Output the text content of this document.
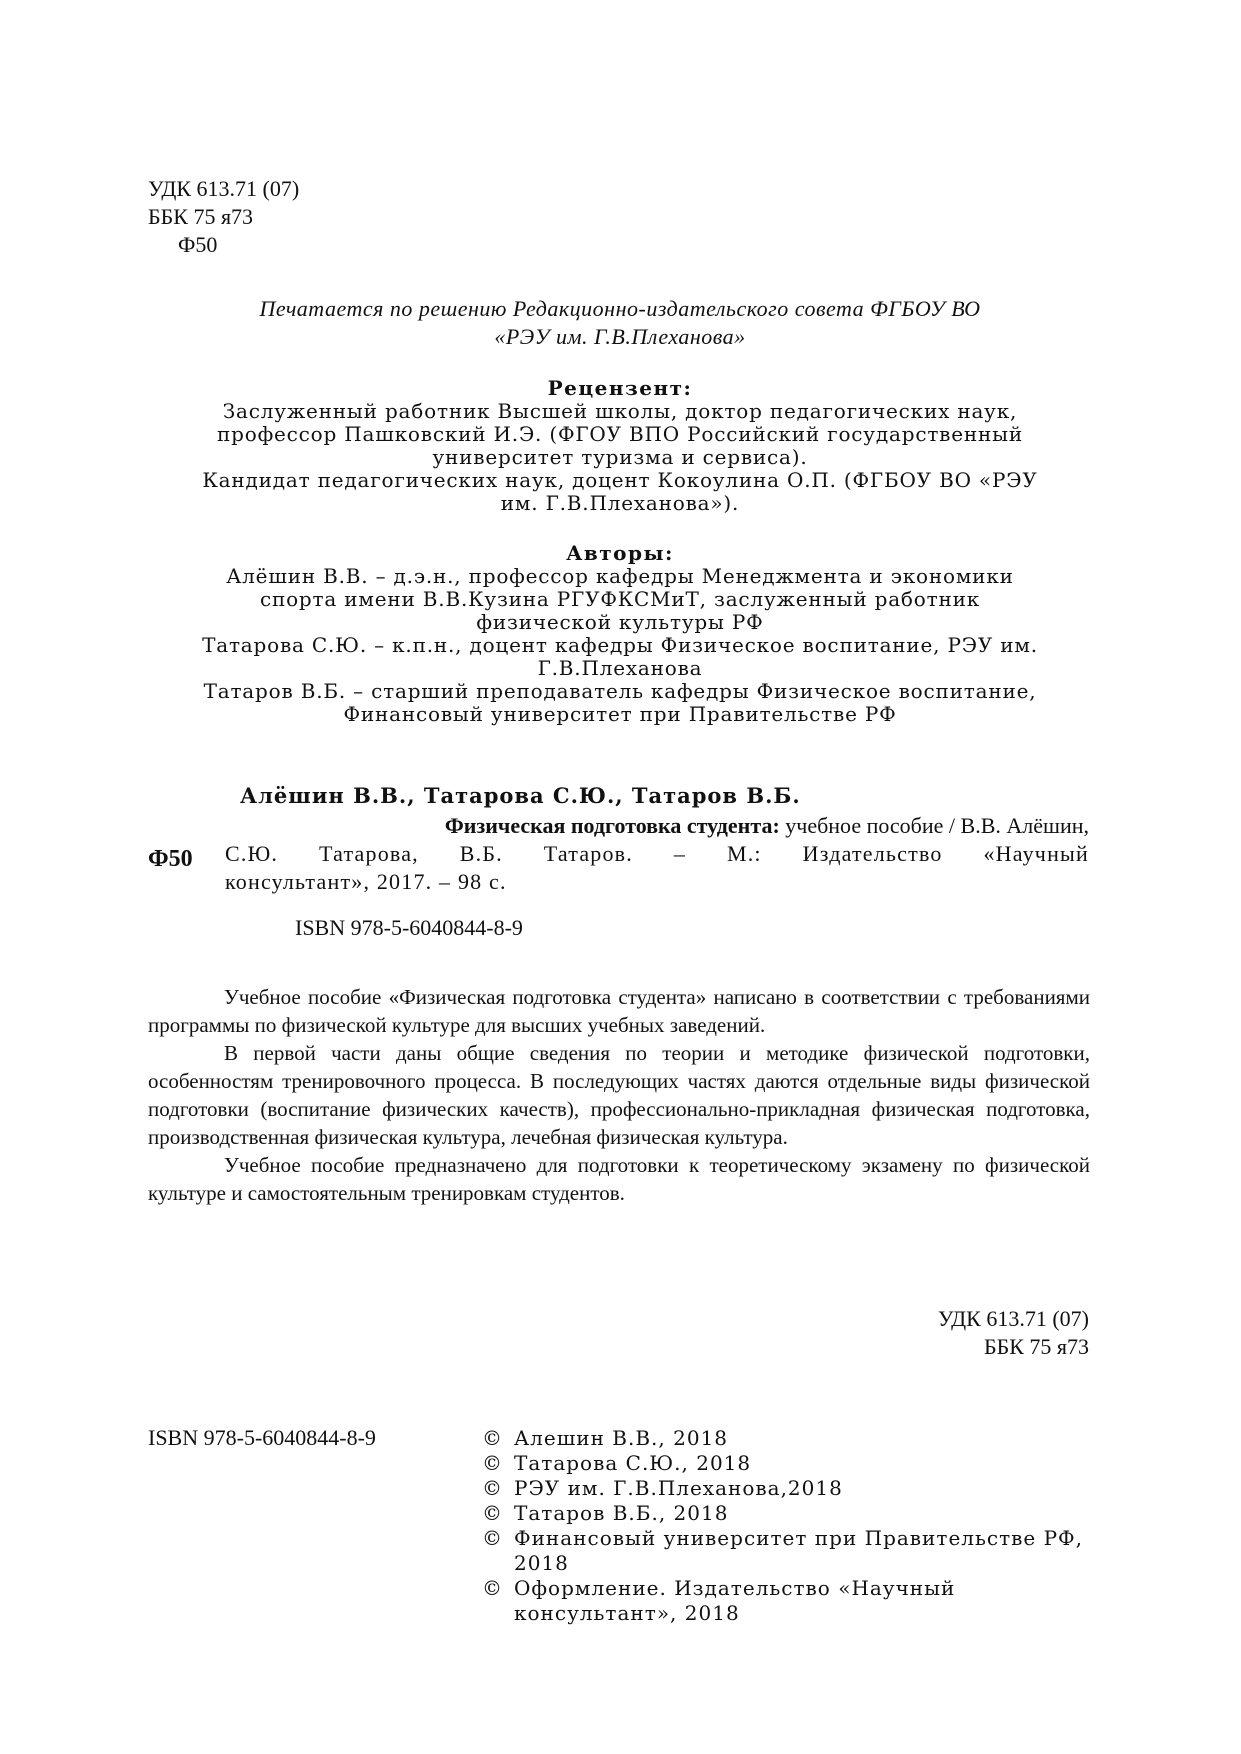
УДК 613.71 (07)
ББК 75 я73
Ф50
Печатается по решению Редакционно-издательского совета ФГБОУ ВО
«РЭУ им. Г.В.Плеханова»
Рецензент:
Заслуженный работник Высшей школы, доктор педагогических наук,
профессор Пашковский И.Э. (ФГОУ ВПО Российский государственный
университет туризма и сервиса).
Кандидат педагогических наук, доцент Кокоулина О.П. (ФГБОУ ВО «РЭУ
им. Г.В.Плеханова»).
Авторы:
Алёшин В.В. – д.э.н., профессор кафедры Менеджмента и экономики
спорта имени В.В.Кузина РГУФКСМиТ, заслуженный работник
физической культуры РФ
Татарова С.Ю. – к.п.н., доцент кафедры Физическое воспитание, РЭУ им.
Г.В.Плеханова
Татаров В.Б. – старший преподаватель кафедры Физическое воспитание,
Финансовый университет при Правительстве РФ
Алёшин В.В., Татарова С.Ю., Татаров В.Б.
Ф50
Физическая подготовка студента: учебное пособие / В.В. Алёшин,
С.Ю. Татарова, В.Б. Татаров. – М.: Издательство «Научный
консультант», 2017. – 98 с.
ISBN 978-5-6040844-8-9

Учебное пособие «Физическая подготовка студента» написано в соответствии с требованиями программы по физической культуре для высших учебных заведений.

В первой части даны общие сведения по теории и методике физической подготовки, особенностям тренировочного процесса. В последующих частях даются отдельные виды физической подготовки (воспитание физических качеств), профессионально-прикладная физическая подготовка, производственная физическая культура, лечебная физическая культура.

Учебное пособие предназначено для подготовки к теоретическому экзамену по физической культуре и самостоятельным тренировкам студентов.

УДК 613.71 (07)
ББК 75 я73
ISBN 978-5-6040844-8-9	© Алешин В.В., 2018
© Татарова С.Ю., 2018
© РЭУ им. Г.В.Плеханова,2018
© Татаров В.Б., 2018
© Финансовый университет при Правительстве РФ, 2018
© Оформление. Издательство «Научный консультант», 2018
